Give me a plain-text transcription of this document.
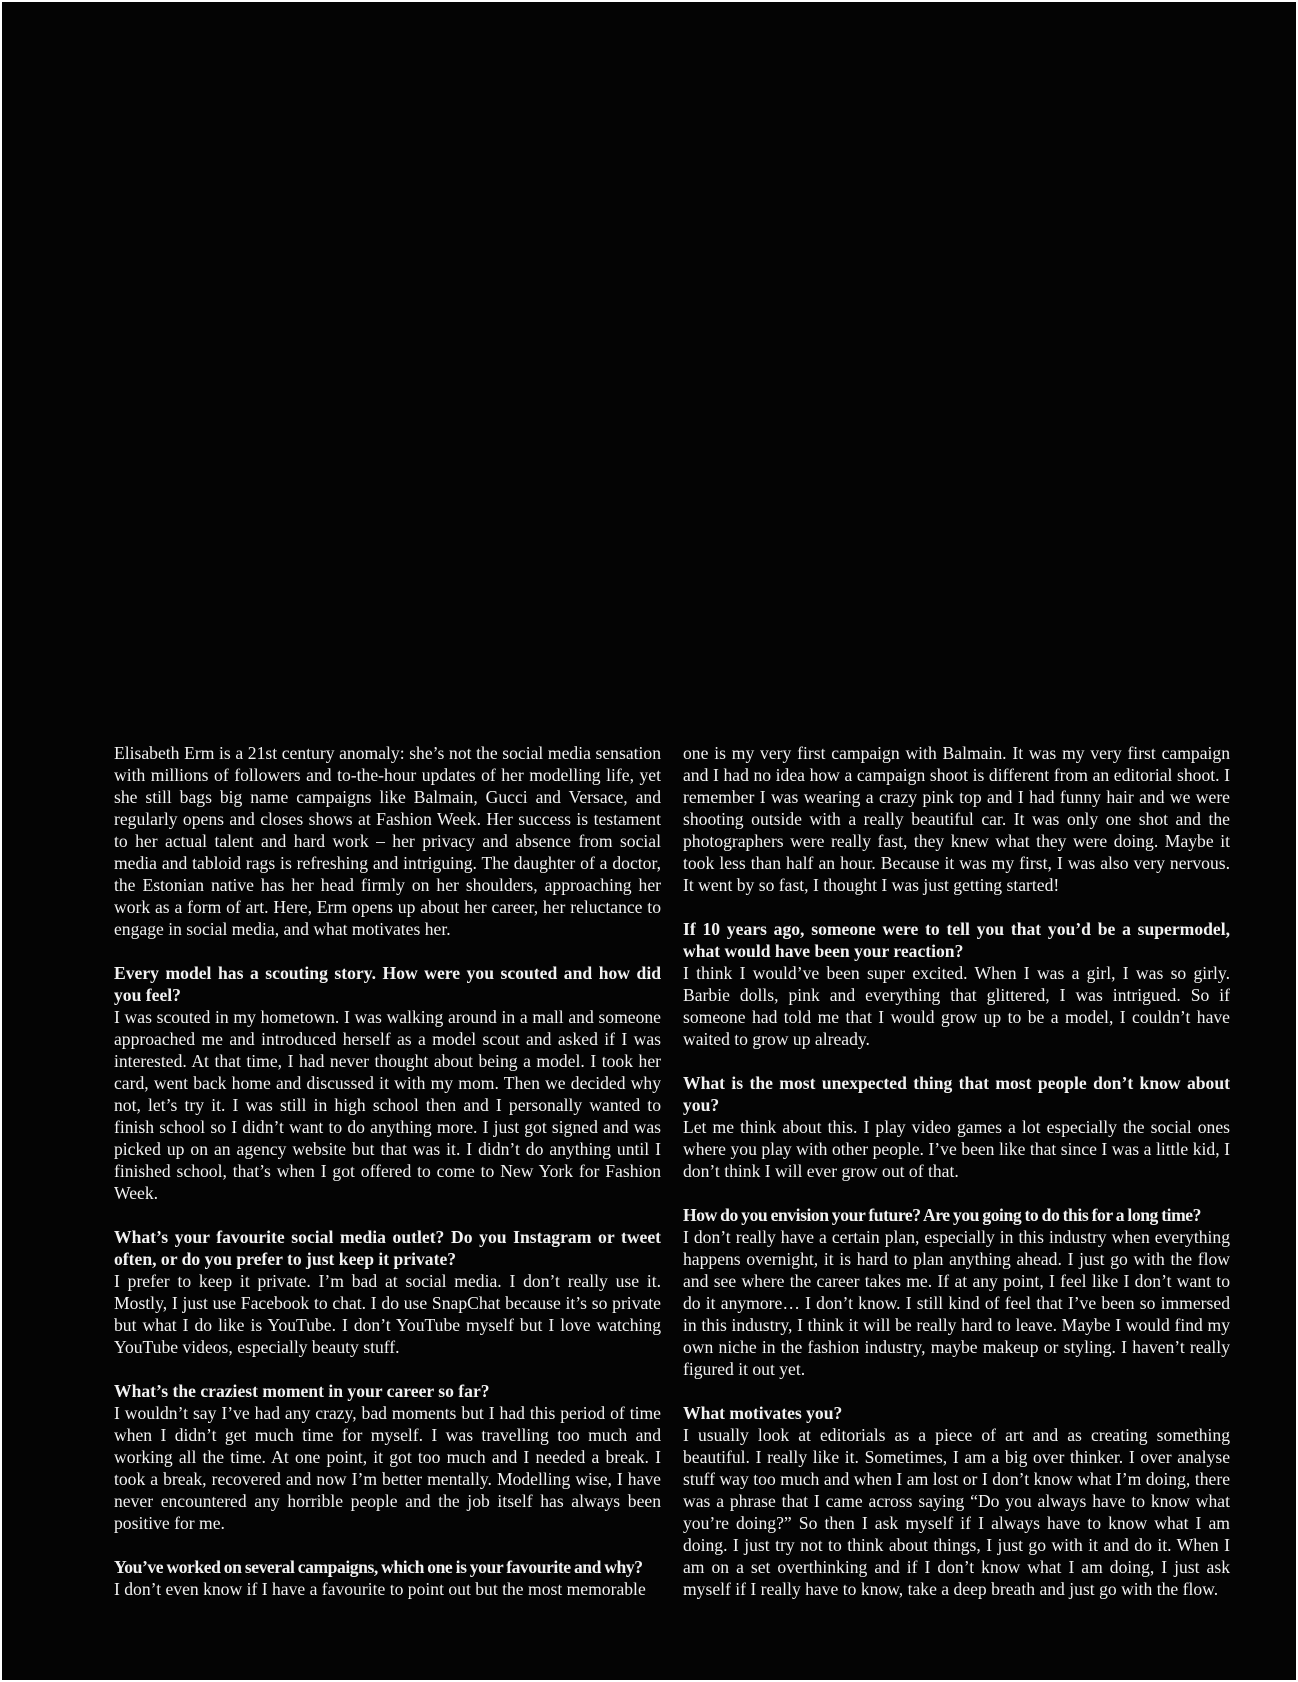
Elisabeth Erm is a 21st century anomaly: she’s not the social media sensation with millions of followers and to-the-hour updates of her modelling life, yet she still bags big name campaigns like Balmain, Gucci and Versace, and regularly opens and closes shows at Fashion Week. Her success is testament to her actual talent and hard work – her privacy and absence from social media and tabloid rags is refreshing and intriguing. The daughter of a doctor, the Estonian native has her head firmly on her shoulders, approaching her work as a form of art. Here, Erm opens up about her career, her reluctance to engage in social media, and what motivates her.

Every model has a scouting story. How were you scouted and how did you feel?
I was scouted in my hometown. I was walking around in a mall and someone approached me and introduced herself as a model scout and asked if I was interested. At that time, I had never thought about being a model. I took her card, went back home and discussed it with my mom. Then we decided why not, let’s try it. I was still in high school then and I personally wanted to finish school so I didn’t want to do anything more. I just got signed and was picked up on an agency website but that was it. I didn’t do anything until I finished school, that’s when I got offered to come to New York for Fashion Week.
What’s your favourite social media outlet? Do you Instagram or tweet often, or do you prefer to just keep it private?
I prefer to keep it private. I’m bad at social media. I don’t really use it. Mostly, I just use Facebook to chat. I do use SnapChat because it’s so private but what I do like is YouTube. I don’t YouTube myself but I love watching YouTube videos, especially beauty stuff.
What’s the craziest moment in your career so far?
I wouldn’t say I’ve had any crazy, bad moments but I had this period of time when I didn’t get much time for myself. I was travelling too much and working all the time. At one point, it got too much and I needed a break. I took a break, recovered and now I’m better mentally. Modelling wise, I have never encountered any horrible people and the job itself has always been positive for me.
You’ve worked on several campaigns, which one is your favourite and why?
I don’t even know if I have a favourite to point out but the most memorable

one is my very first campaign with Balmain. It was my very first campaign and I had no idea how a campaign shoot is different from an editorial shoot. I remember I was wearing a crazy pink top and I had funny hair and we were shooting outside with a really beautiful car. It was only one shot and the photographers were really fast, they knew what they were doing. Maybe it took less than half an hour. Because it was my first, I was also very nervous. It went by so fast, I thought I was just getting started!

If 10 years ago, someone were to tell you that you’d be a supermodel, what would have been your reaction?
I think I would’ve been super excited. When I was a girl, I was so girly. Barbie dolls, pink and everything that glittered, I was intrigued. So if someone had told me that I would grow up to be a model, I couldn’t have waited to grow up already.
What is the most unexpected thing that most people don’t know about you?
Let me think about this. I play video games a lot especially the social ones where you play with other people. I’ve been like that since I was a little kid, I don’t think I will ever grow out of that.
How do you envision your future? Are you going to do this for a long time?
I don’t really have a certain plan, especially in this industry when everything happens overnight, it is hard to plan anything ahead. I just go with the flow and see where the career takes me. If at any point, I feel like I don’t want to do it anymore… I don’t know. I still kind of feel that I’ve been so immersed in this industry, I think it will be really hard to leave. Maybe I would find my own niche in the fashion industry, maybe makeup or styling. I haven’t really figured it out yet.
What motivates you?
I usually look at editorials as a piece of art and as creating something beautiful. I really like it. Sometimes, I am a big over thinker. I over analyse stuff way too much and when I am lost or I don’t know what I’m doing, there was a phrase that I came across saying “Do you always have to know what you’re doing?” So then I ask myself if I always have to know what I am doing. I just try not to think about things, I just go with it and do it. When I am on a set overthinking and if I don’t know what I am doing, I just ask myself if I really have to know, take a deep breath and just go with the flow.
